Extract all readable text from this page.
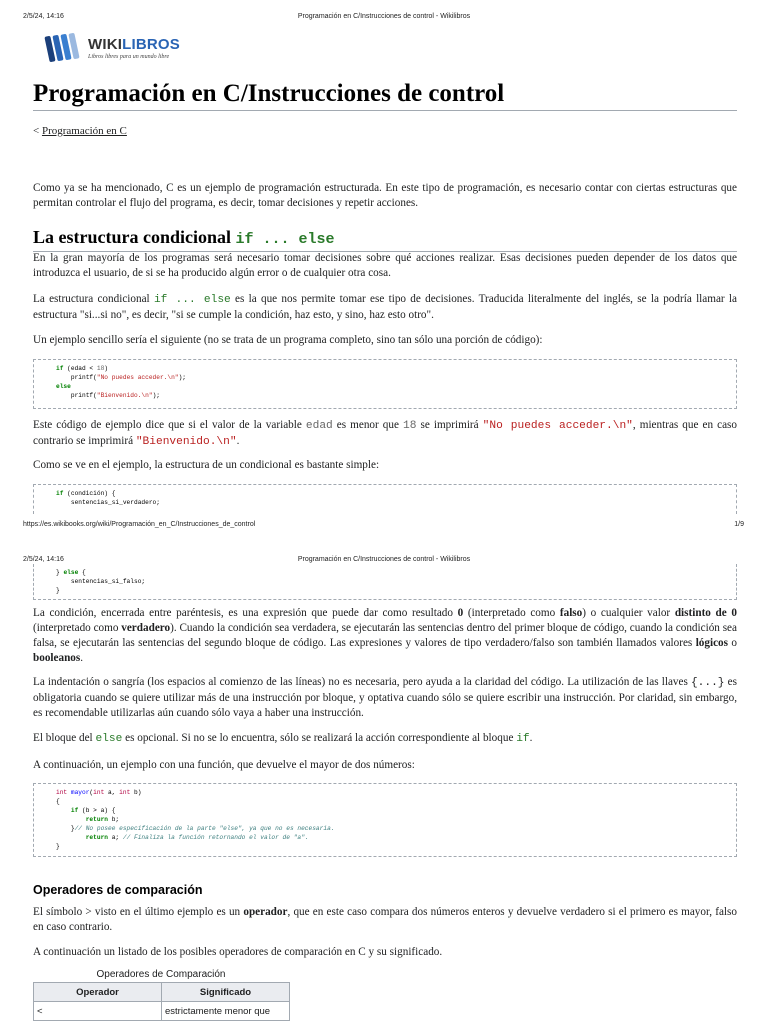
2/5/24, 14:16	Programación en C/Instrucciones de control - Wikilibros
WIKILIBROS
Libros libres para un mundo libre
Programación en C/Instrucciones de control
< Programación en C
Como ya se ha mencionado, C es un ejemplo de programación estructurada. En este tipo de programación, es necesario contar con ciertas estructuras que permitan controlar el flujo del programa, es decir, tomar decisiones y repetir acciones.
La estructura condicional if ... else
En la gran mayoría de los programas será necesario tomar decisiones sobre qué acciones realizar. Esas decisiones pueden depender de los datos que introduzca el usuario, de si se ha producido algún error o de cualquier otra cosa.
La estructura condicional if ... else es la que nos permite tomar ese tipo de decisiones. Traducida literalmente del inglés, se la podría llamar la estructura "si...si no", es decir, "si se cumple la condición, haz esto, y sino, haz esto otro".
Un ejemplo sencillo sería el siguiente (no se trata de un programa completo, sino tan sólo una porción de código):
if (edad < 18)
printf("No puedes acceder.\n");
else
printf("Bienvenido.\n");
Este código de ejemplo dice que si el valor de la variable edad es menor que 18 se imprimirá "No puedes acceder.\n", mientras que en caso contrario se imprimirá "Bienvenido.\n".
Como se ve en el ejemplo, la estructura de un condicional es bastante simple:
if (condición) {
sentencias_si_verdadero;
https://es.wikibooks.org/wiki/Programación_en_C/Instrucciones_de_control	1/9
2/5/24, 14:16	Programación en C/Instrucciones de control - Wikilibros
} else {
sentencias_si_falso;
}
La condición, encerrada entre paréntesis, es una expresión que puede dar como resultado 0 (interpretado como falso) o cualquier valor distinto de 0 (interpretado como verdadero). Cuando la condición sea verdadera, se ejecutarán las sentencias dentro del primer bloque de código, cuando la condición sea falsa, se ejecutarán las sentencias del segundo bloque de código. Las expresiones y valores de tipo verdadero/falso son también llamados valores lógicos o booleanos.
La indentación o sangría (los espacios al comienzo de las líneas) no es necesaria, pero ayuda a la claridad del código. La utilización de las llaves {...} es obligatoria cuando se quiere utilizar más de una instrucción por bloque, y optativa cuando sólo se quiere escribir una instrucción. Por claridad, sin embargo, es recomendable utilizarlas aún cuando sólo vaya a haber una instrucción.
El bloque del else es opcional. Si no se lo encuentra, sólo se realizará la acción correspondiente al bloque if.
A continuación, un ejemplo con una función, que devuelve el mayor de dos números:
int mayor(int a, int b)
{
if (b > a) {
return b;
}// No posee especificación de la parte "else", ya que no es necesaria.
return a; // Finaliza la función retornando el valor de "a".
}
Operadores de comparación
El símbolo > visto en el último ejemplo es un operador, que en este caso compara dos números enteros y devuelve verdadero si el primero es mayor, falso en caso contrario.
A continuación un listado de los posibles operadores de comparación en C y su significado.
Operadores de Comparación
Operador	Significado
<	estrictamente menor que
